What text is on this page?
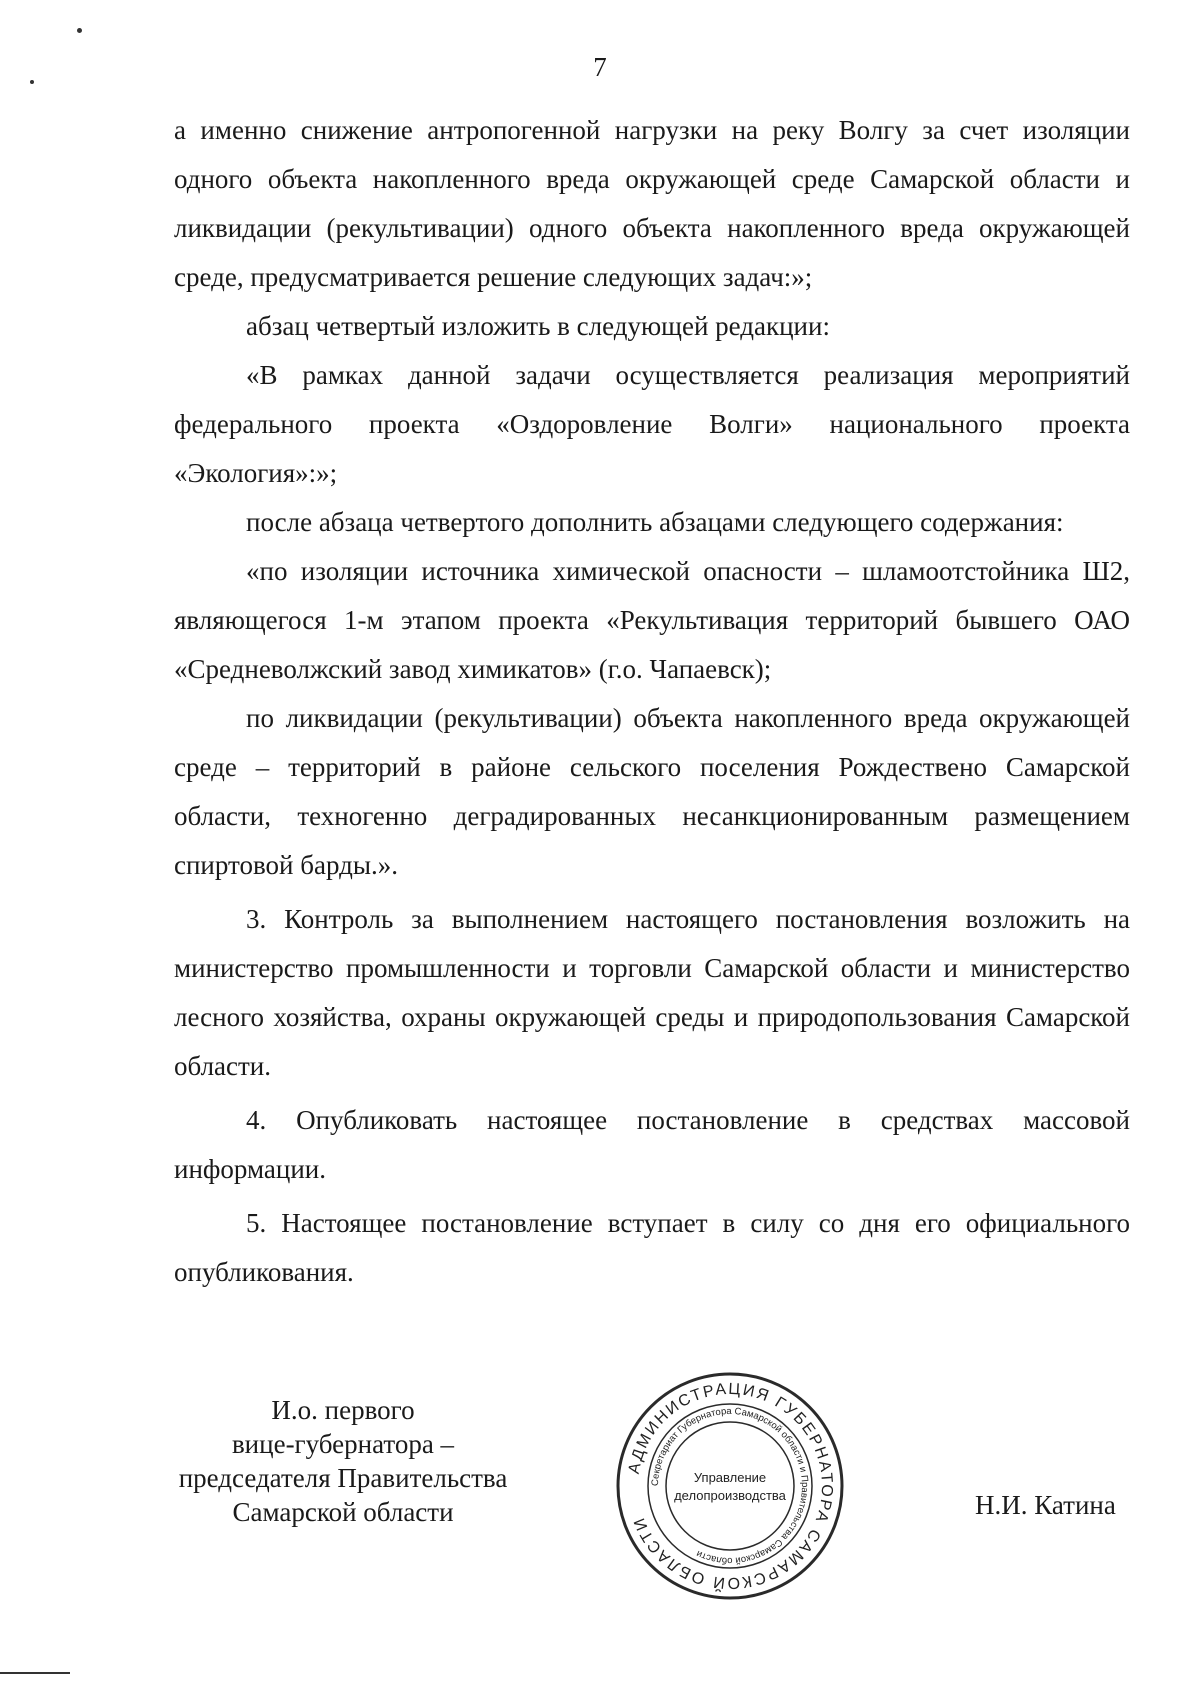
7

а именно снижение антропогенной нагрузки на реку Волгу за счет изоляции одного объекта накопленного вреда окружающей среде Самарской области и ликвидации (рекультивации) одного объекта накопленного вреда окружающей среде, предусматривается решение следующих задач:»;

абзац четвертый изложить в следующей редакции:

«В рамках данной задачи осуществляется реализация мероприятий федерального проекта «Оздоровление Волги» национального проекта «Экология»:»;

после абзаца четвертого дополнить абзацами следующего содержания:

«по изоляции источника химической опасности – шламоотстойника Ш2, являющегося 1-м этапом проекта «Рекультивация территорий бывшего ОАО «Средневолжский завод химикатов» (г.о. Чапаевск);

по ликвидации (рекультивации) объекта накопленного вреда окружающей среде – территорий в районе сельского поселения Рождествено Самарской области, техногенно деградированных несанкционированным размещением спиртовой барды.».

3. Контроль за выполнением настоящего постановления возложить на министерство промышленности и торговли Самарской области и министерство лесного хозяйства, охраны окружающей среды и природопользования Самарской области.

4. Опубликовать настоящее постановление в средствах массовой информации.

5. Настоящее постановление вступает в силу со дня его официального опубликования.

И.о. первого
вице-губернатора –
председателя Правительства
Самарской области
АДМИНИСТРАЦИЯ ГУБЕРНАТОРА САМАРСКОЙ ОБЛАСТИ
Секретариат Губернатора Самарской области и Правительства Самарской области
Управление
делопроизводства	Н.И. Катина
